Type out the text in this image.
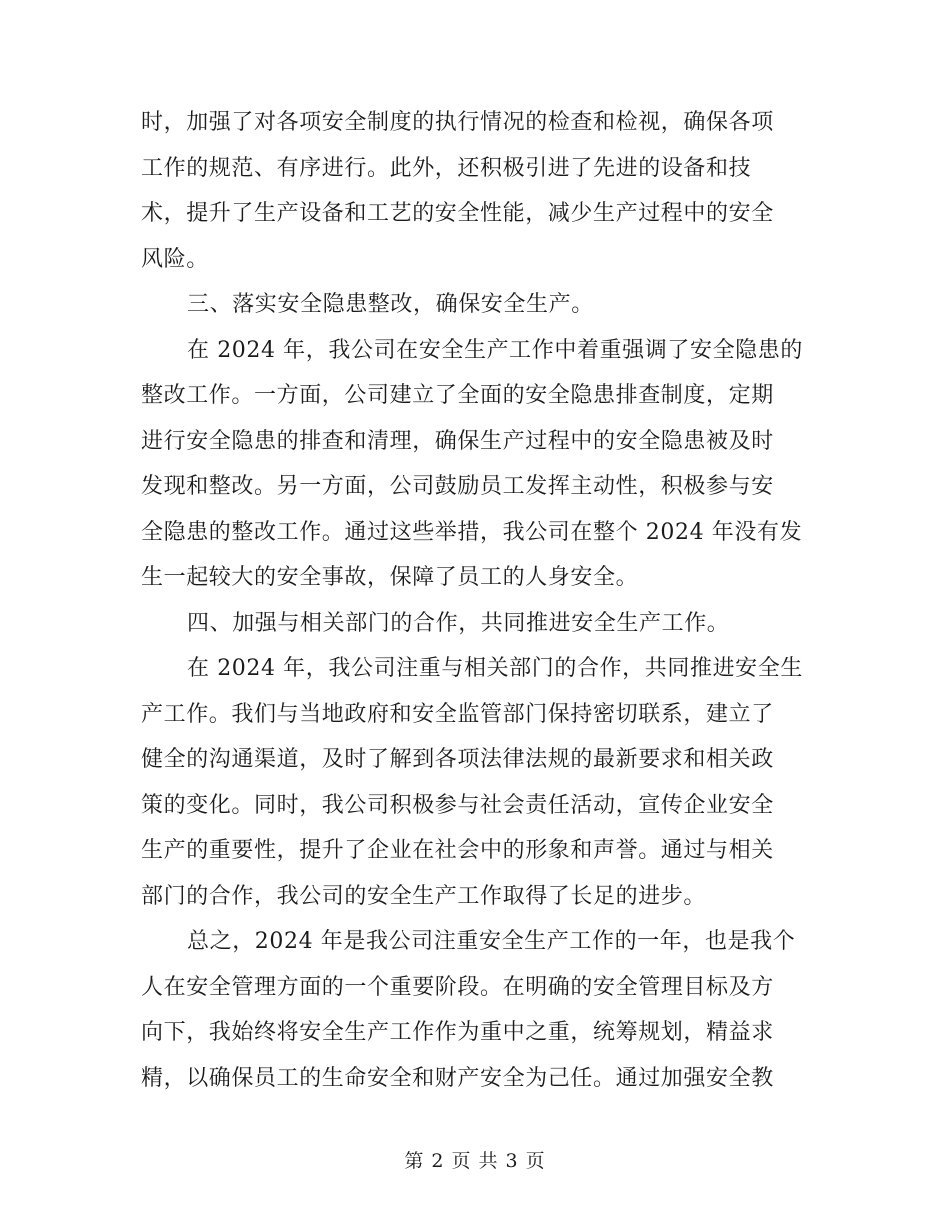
时，加强了对各项安全制度的执行情况的检查和检视，确保各项
工作的规范、有序进行。此外，还积极引进了先进的设备和技
术，提升了生产设备和工艺的安全性能，减少生产过程中的安全
风险。

三、落实安全隐患整改，确保安全生产。

在 2024 年，我公司在安全生产工作中着重强调了安全隐患的
整改工作。一方面，公司建立了全面的安全隐患排查制度，定期
进行安全隐患的排查和清理，确保生产过程中的安全隐患被及时
发现和整改。另一方面，公司鼓励员工发挥主动性，积极参与安
全隐患的整改工作。通过这些举措，我公司在整个 2024 年没有发
生一起较大的安全事故，保障了员工的人身安全。

四、加强与相关部门的合作，共同推进安全生产工作。

在 2024 年，我公司注重与相关部门的合作，共同推进安全生
产工作。我们与当地政府和安全监管部门保持密切联系，建立了
健全的沟通渠道，及时了解到各项法律法规的最新要求和相关政
策的变化。同时，我公司积极参与社会责任活动，宣传企业安全
生产的重要性，提升了企业在社会中的形象和声誉。通过与相关
部门的合作，我公司的安全生产工作取得了长足的进步。

总之，2024 年是我公司注重安全生产工作的一年，也是我个
人在安全管理方面的一个重要阶段。在明确的安全管理目标及方
向下，我始终将安全生产工作作为重中之重，统筹规划，精益求
精，以确保员工的生命安全和财产安全为己任。通过加强安全教

第 2 页 共 3 页
